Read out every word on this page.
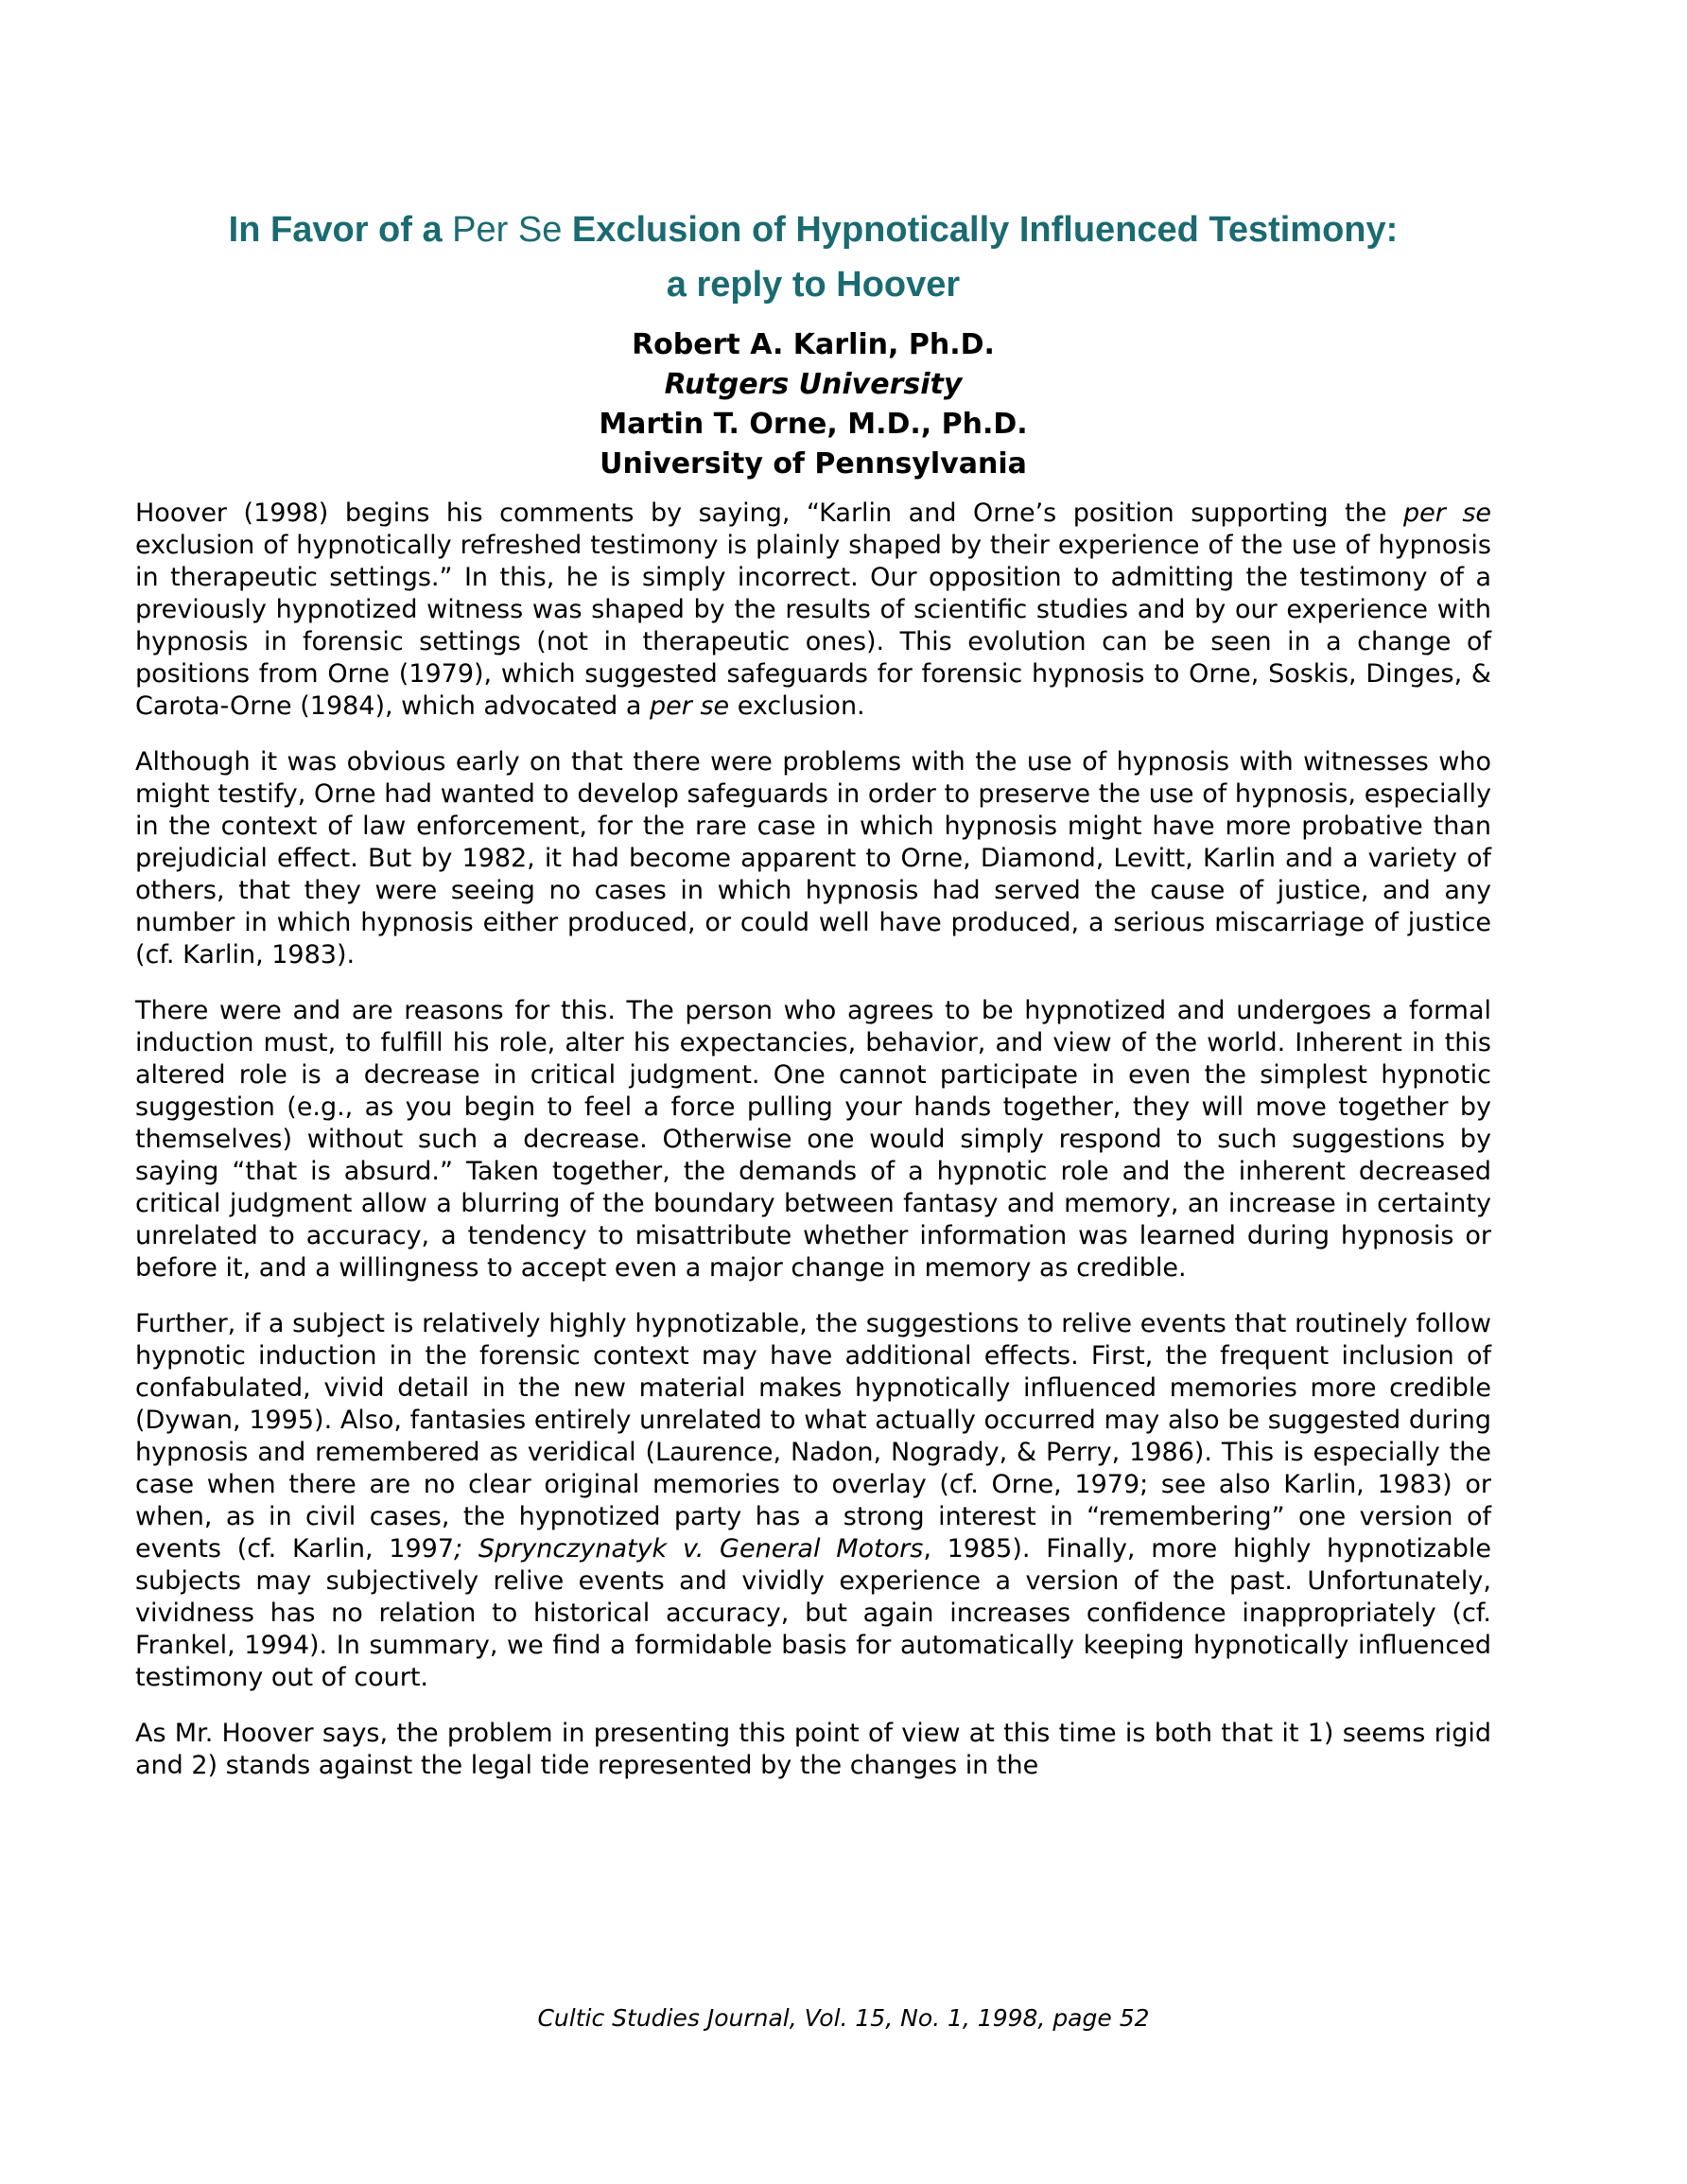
In Favor of a Per Se Exclusion of Hypnotically Influenced Testimony:
a reply to Hoover
Robert A. Karlin, Ph.D.
Rutgers University
Martin T. Orne, M.D., Ph.D.
University of Pennsylvania

Hoover (1998) begins his comments by saying, “Karlin and Orne’s position supporting the per se exclusion of hypnotically refreshed testimony is plainly shaped by their experience of the use of hypnosis in therapeutic settings.” In this, he is simply incorrect. Our opposition to admitting the testimony of a previously hypnotized witness was shaped by the results of scientific studies and by our experience with hypnosis in forensic settings (not in therapeutic ones). This evolution can be seen in a change of positions from Orne (1979), which suggested safeguards for forensic hypnosis to Orne, Soskis, Dinges, & Carota-Orne (1984), which advocated a per se exclusion.

Although it was obvious early on that there were problems with the use of hypnosis with witnesses who might testify, Orne had wanted to develop safeguards in order to preserve the use of hypnosis, especially in the context of law enforcement, for the rare case in which hypnosis might have more probative than prejudicial effect. But by 1982, it had become apparent to Orne, Diamond, Levitt, Karlin and a variety of others, that they were seeing no cases in which hypnosis had served the cause of justice, and any number in which hypnosis either produced, or could well have produced, a serious miscarriage of justice (cf. Karlin, 1983).

There were and are reasons for this. The person who agrees to be hypnotized and undergoes a formal induction must, to fulfill his role, alter his expectancies, behavior, and view of the world. Inherent in this altered role is a decrease in critical judgment. One cannot participate in even the simplest hypnotic suggestion (e.g., as you begin to feel a force pulling your hands together, they will move together by themselves) without such a decrease. Otherwise one would simply respond to such suggestions by saying “that is absurd.” Taken together, the demands of a hypnotic role and the inherent decreased critical judgment allow a blurring of the boundary between fantasy and memory, an increase in certainty unrelated to accuracy, a tendency to misattribute whether information was learned during hypnosis or before it, and a willingness to accept even a major change in memory as credible.

Further, if a subject is relatively highly hypnotizable, the suggestions to relive events that routinely follow hypnotic induction in the forensic context may have additional effects. First, the frequent inclusion of confabulated, vivid detail in the new material makes hypnotically influenced memories more credible (Dywan, 1995). Also, fantasies entirely unrelated to what actually occurred may also be suggested during hypnosis and remembered as veridical (Laurence, Nadon, Nogrady, & Perry, 1986). This is especially the case when there are no clear original memories to overlay (cf. Orne, 1979; see also Karlin, 1983) or when, as in civil cases, the hypnotized party has a strong interest in “remembering” one version of events (cf. Karlin, 1997; Sprynczynatyk v. General Motors, 1985). Finally, more highly hypnotizable subjects may subjectively relive events and vividly experience a version of the past. Unfortunately, vividness has no relation to historical accuracy, but again increases confidence inappropriately (cf. Frankel, 1994). In summary, we find a formidable basis for automatically keeping hypnotically influenced testimony out of court.

As Mr. Hoover says, the problem in presenting this point of view at this time is both that it 1) seems rigid and 2) stands against the legal tide represented by the changes in the

Cultic Studies Journal, Vol. 15, No. 1, 1998, page 52
